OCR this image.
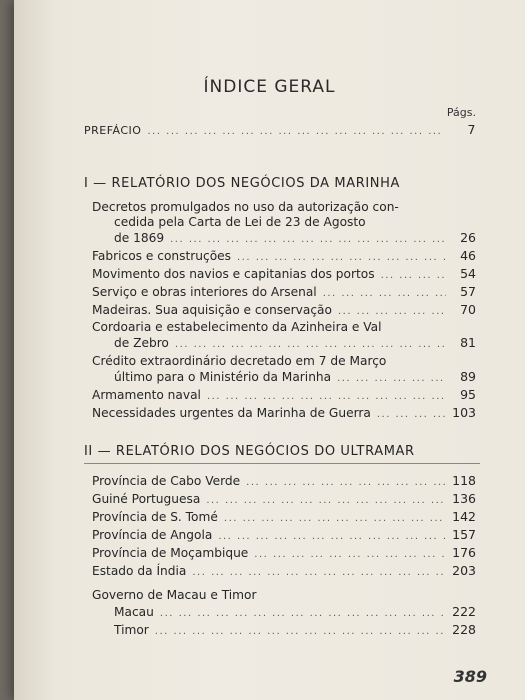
ÍNDICE GERAL
Págs.
PREFÁCIO ... .	7
I — RELATÓRIO DOS NEGÓCIOS DA MARINHA
Decretos promulgados no uso da autorização con-
cedida pela Carta de Lei de 23 de Agosto
de 1869 ... .	26
Fabricos e construções ... .	46
Movimento dos navios e capitanias dos portos ... .	54
Serviço e obras interiores do Arsenal ... .	57
Madeiras. Sua aquisição e conservação ... .	70
Cordoaria e estabelecimento da Azinheira e Val
de Zebro ... .	81
Crédito extraordinário decretado em 7 de Março
último para o Ministério da Marinha ... .	89
Armamento naval ... .	95
Necessidades urgentes da Marinha de Guerra ... .	103
II — RELATÓRIO DOS NEGÓCIOS DO ULTRAMAR
Província de Cabo Verde ... .	118
Guiné Portuguesa ... .	136
Província de S. Tomé ... .	142
Província de Angola ... .	157
Província de Moçambique ... .	176
Estado da Índia ... .	203
Governo de Macau e Timor
Macau ... .	222
Timor ... .	228
389
